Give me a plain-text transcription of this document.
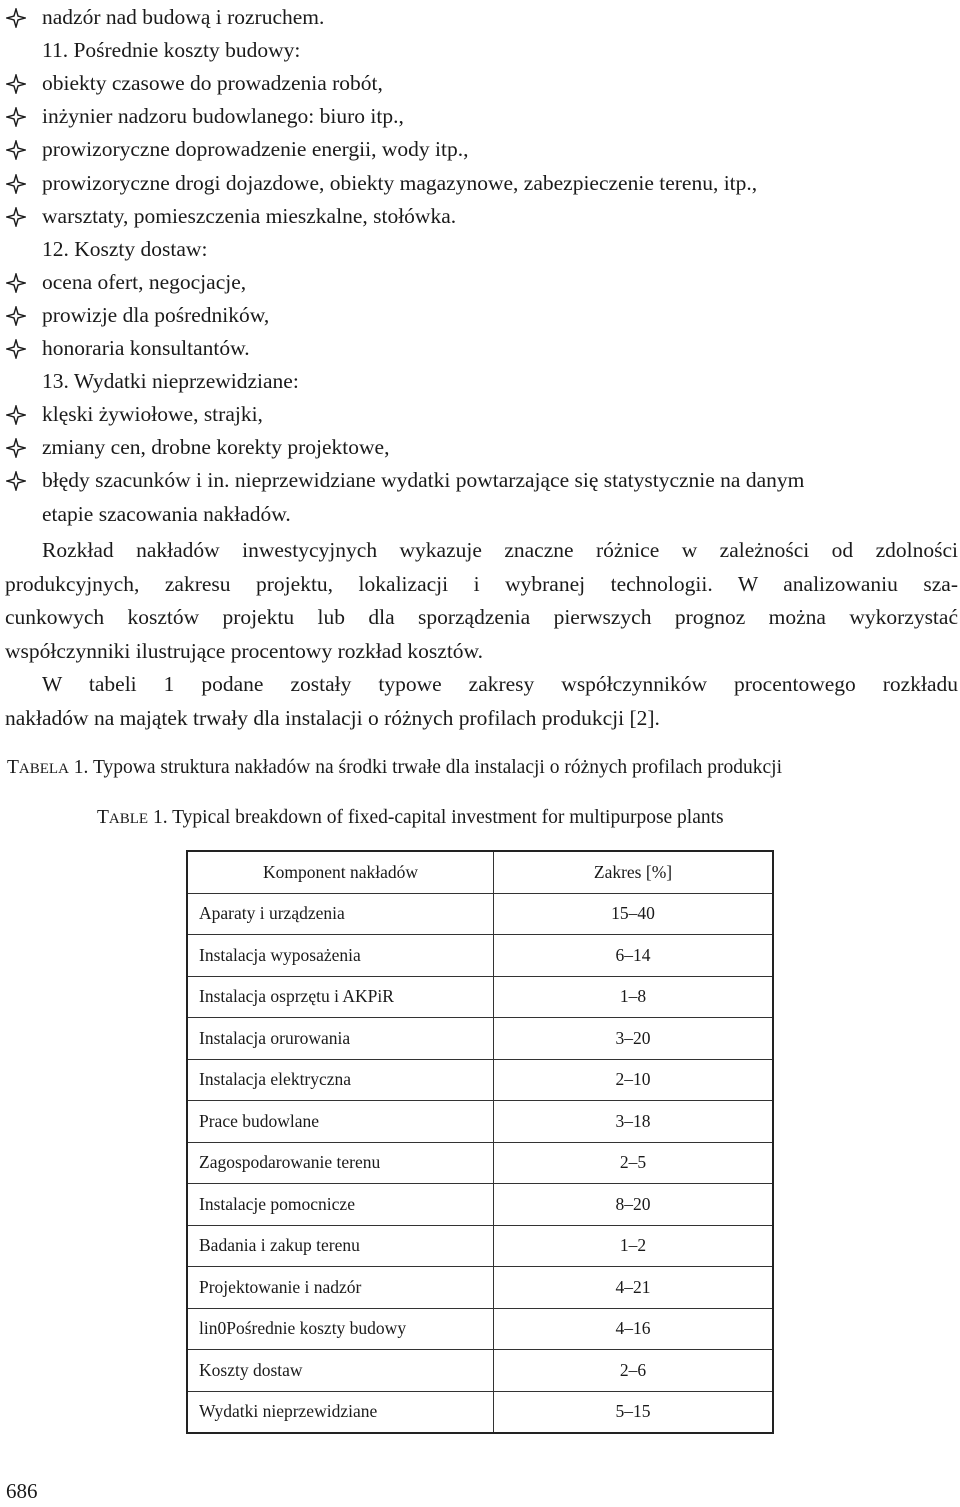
nadzór nad budową i rozruchem.
11. Pośrednie koszty budowy:
obiekty czasowe do prowadzenia robót,
inżynier nadzoru budowlanego: biuro itp.,
prowizoryczne doprowadzenie energii, wody itp.,
prowizoryczne drogi dojazdowe, obiekty magazynowe, zabezpieczenie terenu, itp.,
warsztaty, pomieszczenia mieszkalne, stołówka.
12. Koszty dostaw:
ocena ofert, negocjacje,
prowizje dla pośredników,
honoraria konsultantów.
13. Wydatki nieprzewidziane:
klęski żywiołowe, strajki,
zmiany cen, drobne korekty projektowe,
błędy szacunków i in. nieprzewidziane wydatki powtarzające się statystycznie na danym
etapie szacowania nakładów.
Rozkład nakładów inwestycyjnych wykazuje znaczne różnice w zależności od zdolności
produkcyjnych, zakresu projektu, lokalizacji i wybranej technologii. W analizowaniu sza-
cunkowych kosztów projektu lub dla sporządzenia pierwszych prognoz można wykorzystać
współczynniki ilustrujące procentowy rozkład kosztów.
W tabeli 1 podane zostały typowe zakresy współczynników procentowego rozkładu
nakładów na majątek trwały dla instalacji o różnych profilach produkcji [2].
TABELA 1. Typowa struktura nakładów na środki trwałe dla instalacji o różnych profilach produkcji
TABLE 1. Typical breakdown of fixed-capital investment for multipurpose plants
Komponent nakładów	Zakres [%]
Aparaty i urządzenia	15–40
Instalacja wyposażenia	6–14
Instalacja osprzętu i AKPiR	1–8
Instalacja orurowania	3–20
Instalacja elektryczna	2–10
Prace budowlane	3–18
Zagospodarowanie terenu	2–5
Instalacje pomocnicze	8–20
Badania i zakup terenu	1–2
Projektowanie i nadzór	4–21
lin0Pośrednie koszty budowy	4–16
Koszty dostaw	2–6
Wydatki nieprzewidziane	5–15
686
